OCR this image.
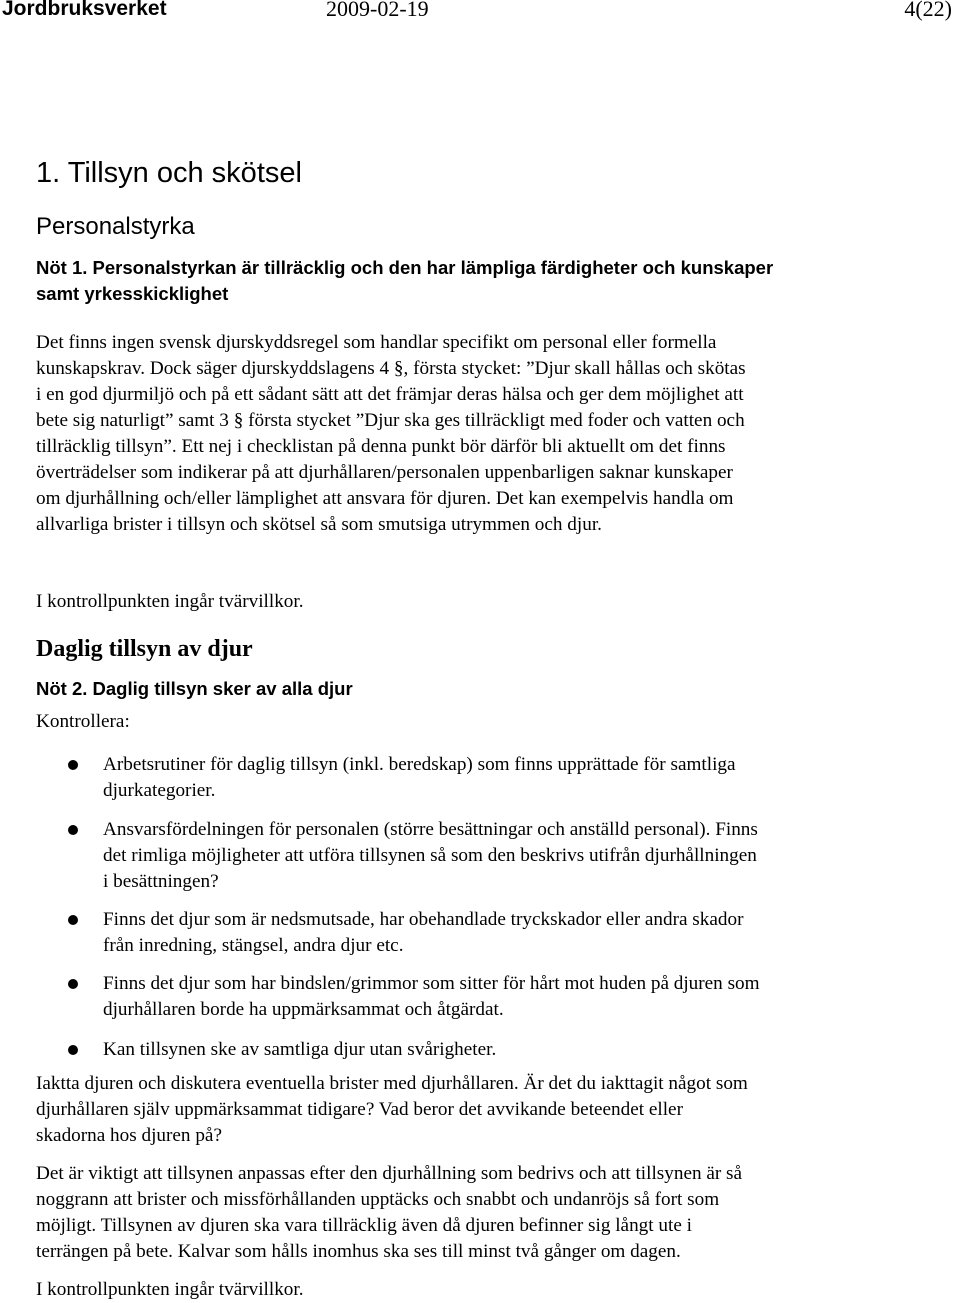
Jordbruksverket	2009-02-19	4(22)
1. Tillsyn och skötsel
Personalstyrka
Nöt 1. Personalstyrkan är tillräcklig och den har lämpliga färdigheter och kunskaper
samt yrkesskicklighet
Det finns ingen svensk djurskyddsregel som handlar specifikt om personal eller formella
kunskapskrav. Dock säger djurskyddslagens 4 §, första stycket: ”Djur skall hållas och skötas
i en god djurmiljö och på ett sådant sätt att det främjar deras hälsa och ger dem möjlighet att
bete sig naturligt” samt 3 § första stycket ”Djur ska ges tillräckligt med foder och vatten och
tillräcklig tillsyn”. Ett nej i checklistan på denna punkt bör därför bli aktuellt om det finns
överträdelser som indikerar på att djurhållaren/personalen uppenbarligen saknar kunskaper
om djurhållning och/eller lämplighet att ansvara för djuren. Det kan exempelvis handla om
allvarliga brister i tillsyn och skötsel så som smutsiga utrymmen och djur.
I kontrollpunkten ingår tvärvillkor.
Daglig tillsyn av djur
Nöt 2. Daglig tillsyn sker av alla djur
Kontrollera:
Arbetsrutiner för daglig tillsyn (inkl. beredskap) som finns upprättade för samtliga
djurkategorier.
Ansvarsfördelningen för personalen (större besättningar och anställd personal). Finns
det rimliga möjligheter att utföra tillsynen så som den beskrivs utifrån djurhållningen
i besättningen?
Finns det djur som är nedsmutsade, har obehandlade tryckskador eller andra skador
från inredning, stängsel, andra djur etc.
Finns det djur som har bindslen/grimmor som sitter för hårt mot huden på djuren som
djurhållaren borde ha uppmärksammat och åtgärdat.
Kan tillsynen ske av samtliga djur utan svårigheter.
Iaktta djuren och diskutera eventuella brister med djurhållaren. Är det du iakttagit något som
djurhållaren själv uppmärksammat tidigare? Vad beror det avvikande beteendet eller
skadorna hos djuren på?
Det är viktigt att tillsynen anpassas efter den djurhållning som bedrivs och att tillsynen är så
noggrann att brister och missförhållanden upptäcks och snabbt och undanröjs så fort som
möjligt. Tillsynen av djuren ska vara tillräcklig även då djuren befinner sig långt ute i
terrängen på bete. Kalvar som hålls inomhus ska ses till minst två gånger om dagen.
I kontrollpunkten ingår tvärvillkor.
